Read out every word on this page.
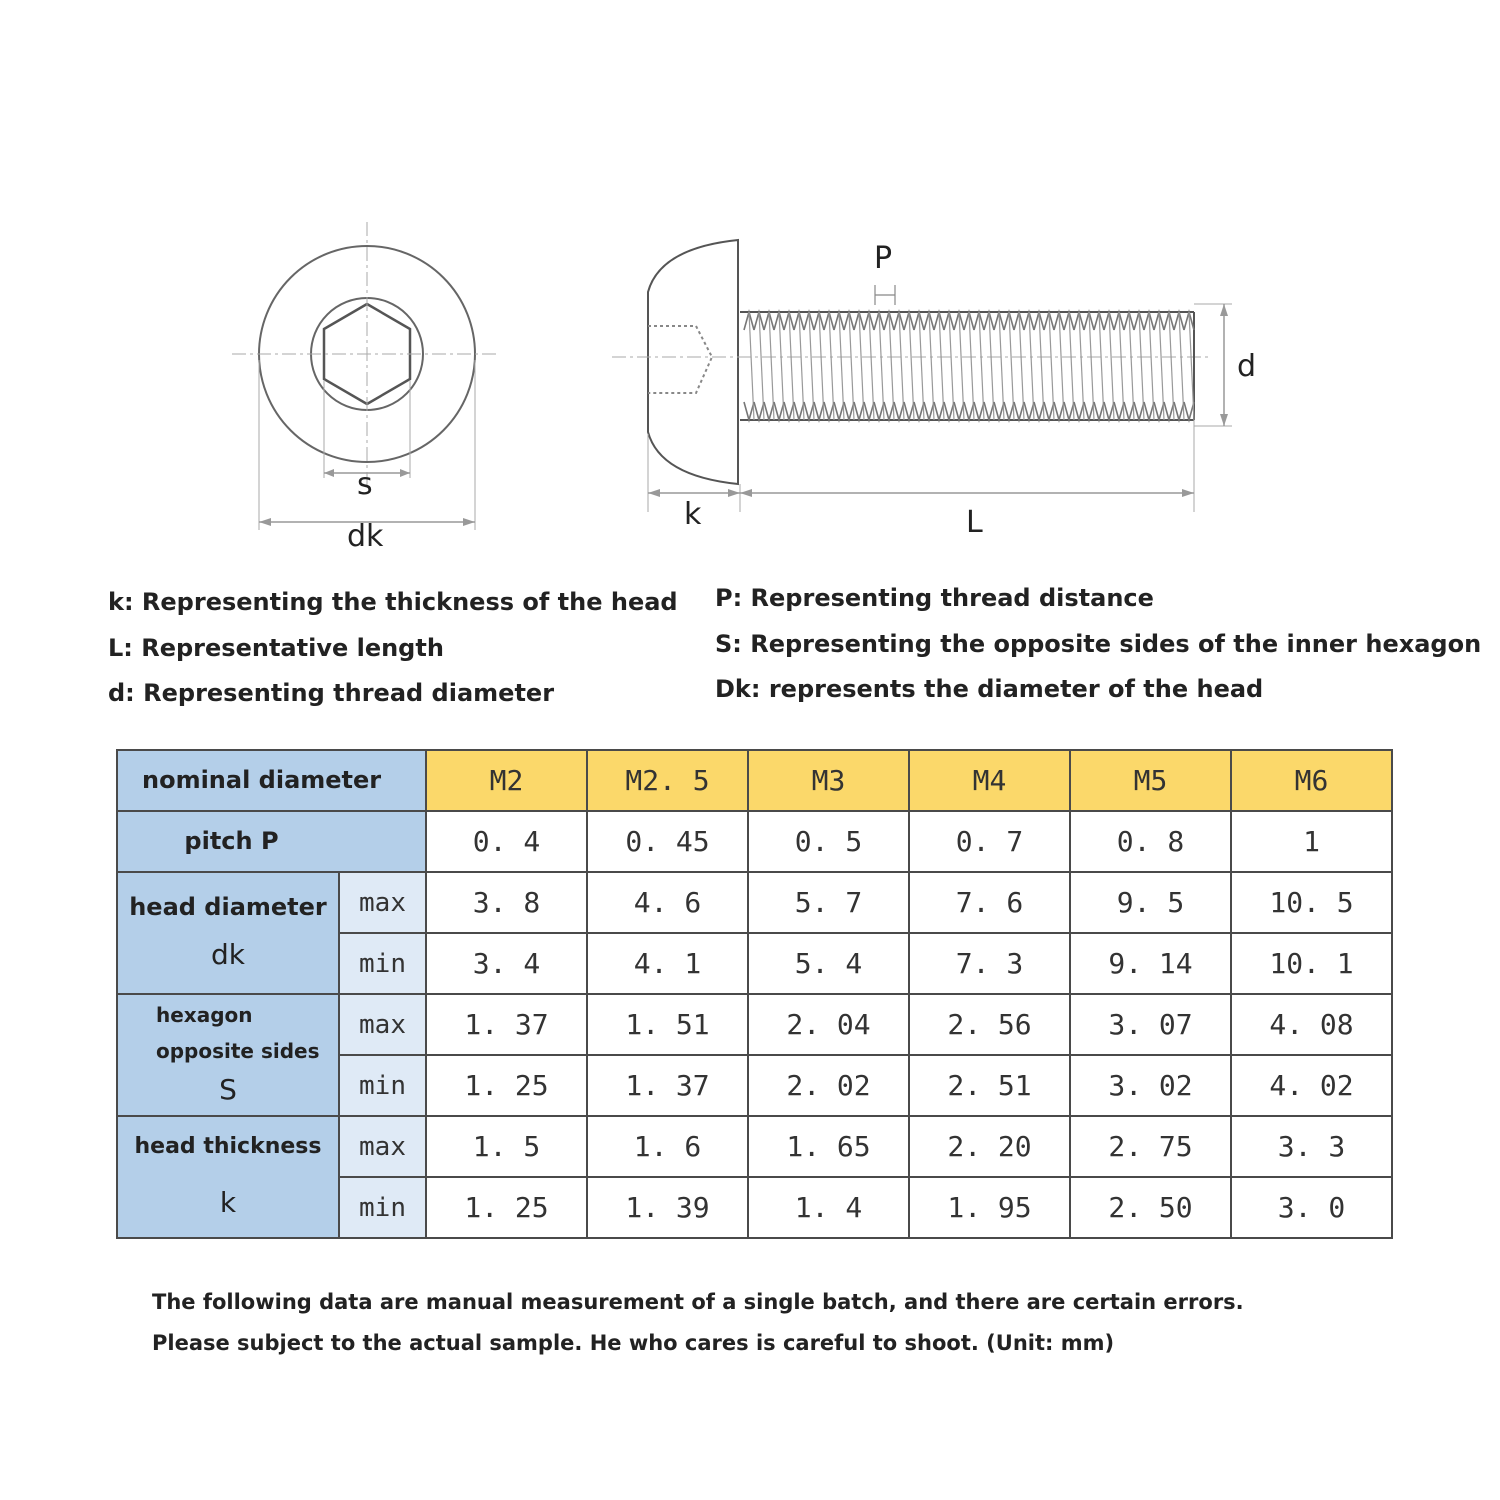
s
dk
P
d
k	L
k: Representing the thickness of the head
L: Representative length
d: Representing thread diameter
P: Representing thread distance
S: Representing the opposite sides of the inner hexagon
Dk: represents the diameter of the head
nominal diameter		M2	M2. 5	M3	M4	M5	M6
pitch P		0. 4	0. 45	0. 5	0. 7	0. 8	1

head diameter
dk	max	3. 8	4. 6	5. 7	7. 6	9. 5	10. 5
	min	3. 4	4. 1	5. 4	7. 3	9. 14	10. 1

hexagon
opposite sides
S	max	1. 37	1. 51	2. 04	2. 56	3. 07	4. 08
	min	1. 25	1. 37	2. 02	2. 51	3. 02	4. 02

head thickness
k	max	1. 5	1. 6	1. 65	2. 20	2. 75	3. 3
	min	1. 25	1. 39	1. 4	1. 95	2. 50	3. 0
The following data are manual measurement of a single batch, and there are certain errors.
Please subject to the actual sample. He who cares is careful to shoot. (Unit: mm)
